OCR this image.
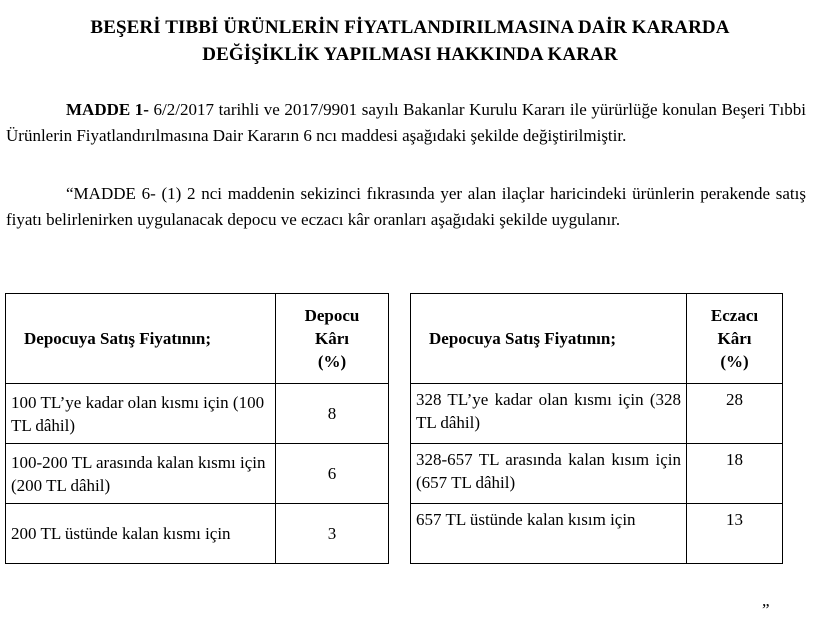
BEŞERİ TIBBİ ÜRÜNLERİN FİYATLANDIRILMASINA DAİR KARARDA
DEĞİŞİKLİK YAPILMASI HAKKINDA KARAR

MADDE 1- 6/2/2017 tarihli ve 2017/9901 sayılı Bakanlar Kurulu Kararı ile yürürlüğe konulan Beşeri Tıbbi Ürünlerin Fiyatlandırılmasına Dair Kararın 6 ncı maddesi aşağıdaki şekilde değiştirilmiştir.

“MADDE 6- (1) 2 nci maddenin sekizinci fıkrasında yer alan ilaçlar haricindeki ürünlerin perakende satış fiyatı belirlenirken uygulanacak depocu ve eczacı kâr oranları aşağıdaki şekilde uygulanır.

Depocuya Satış Fiyatının;	Depocu
Kârı
(%)

100 TL’ye kadar olan kısmı için (100 TL dâhil)	8
100-200 TL arasında kalan kısmı için (200 TL dâhil)	6
200 TL üstünde kalan kısmı için	3
Depocuya Satış Fiyatının;	Eczacı
Kârı
(%)

328 TL’ye kadar olan kısmı için (328 TL dâhil)	28
328-657 TL arasında kalan kısım için (657 TL dâhil)	18
657 TL üstünde kalan kısım için	13
”
